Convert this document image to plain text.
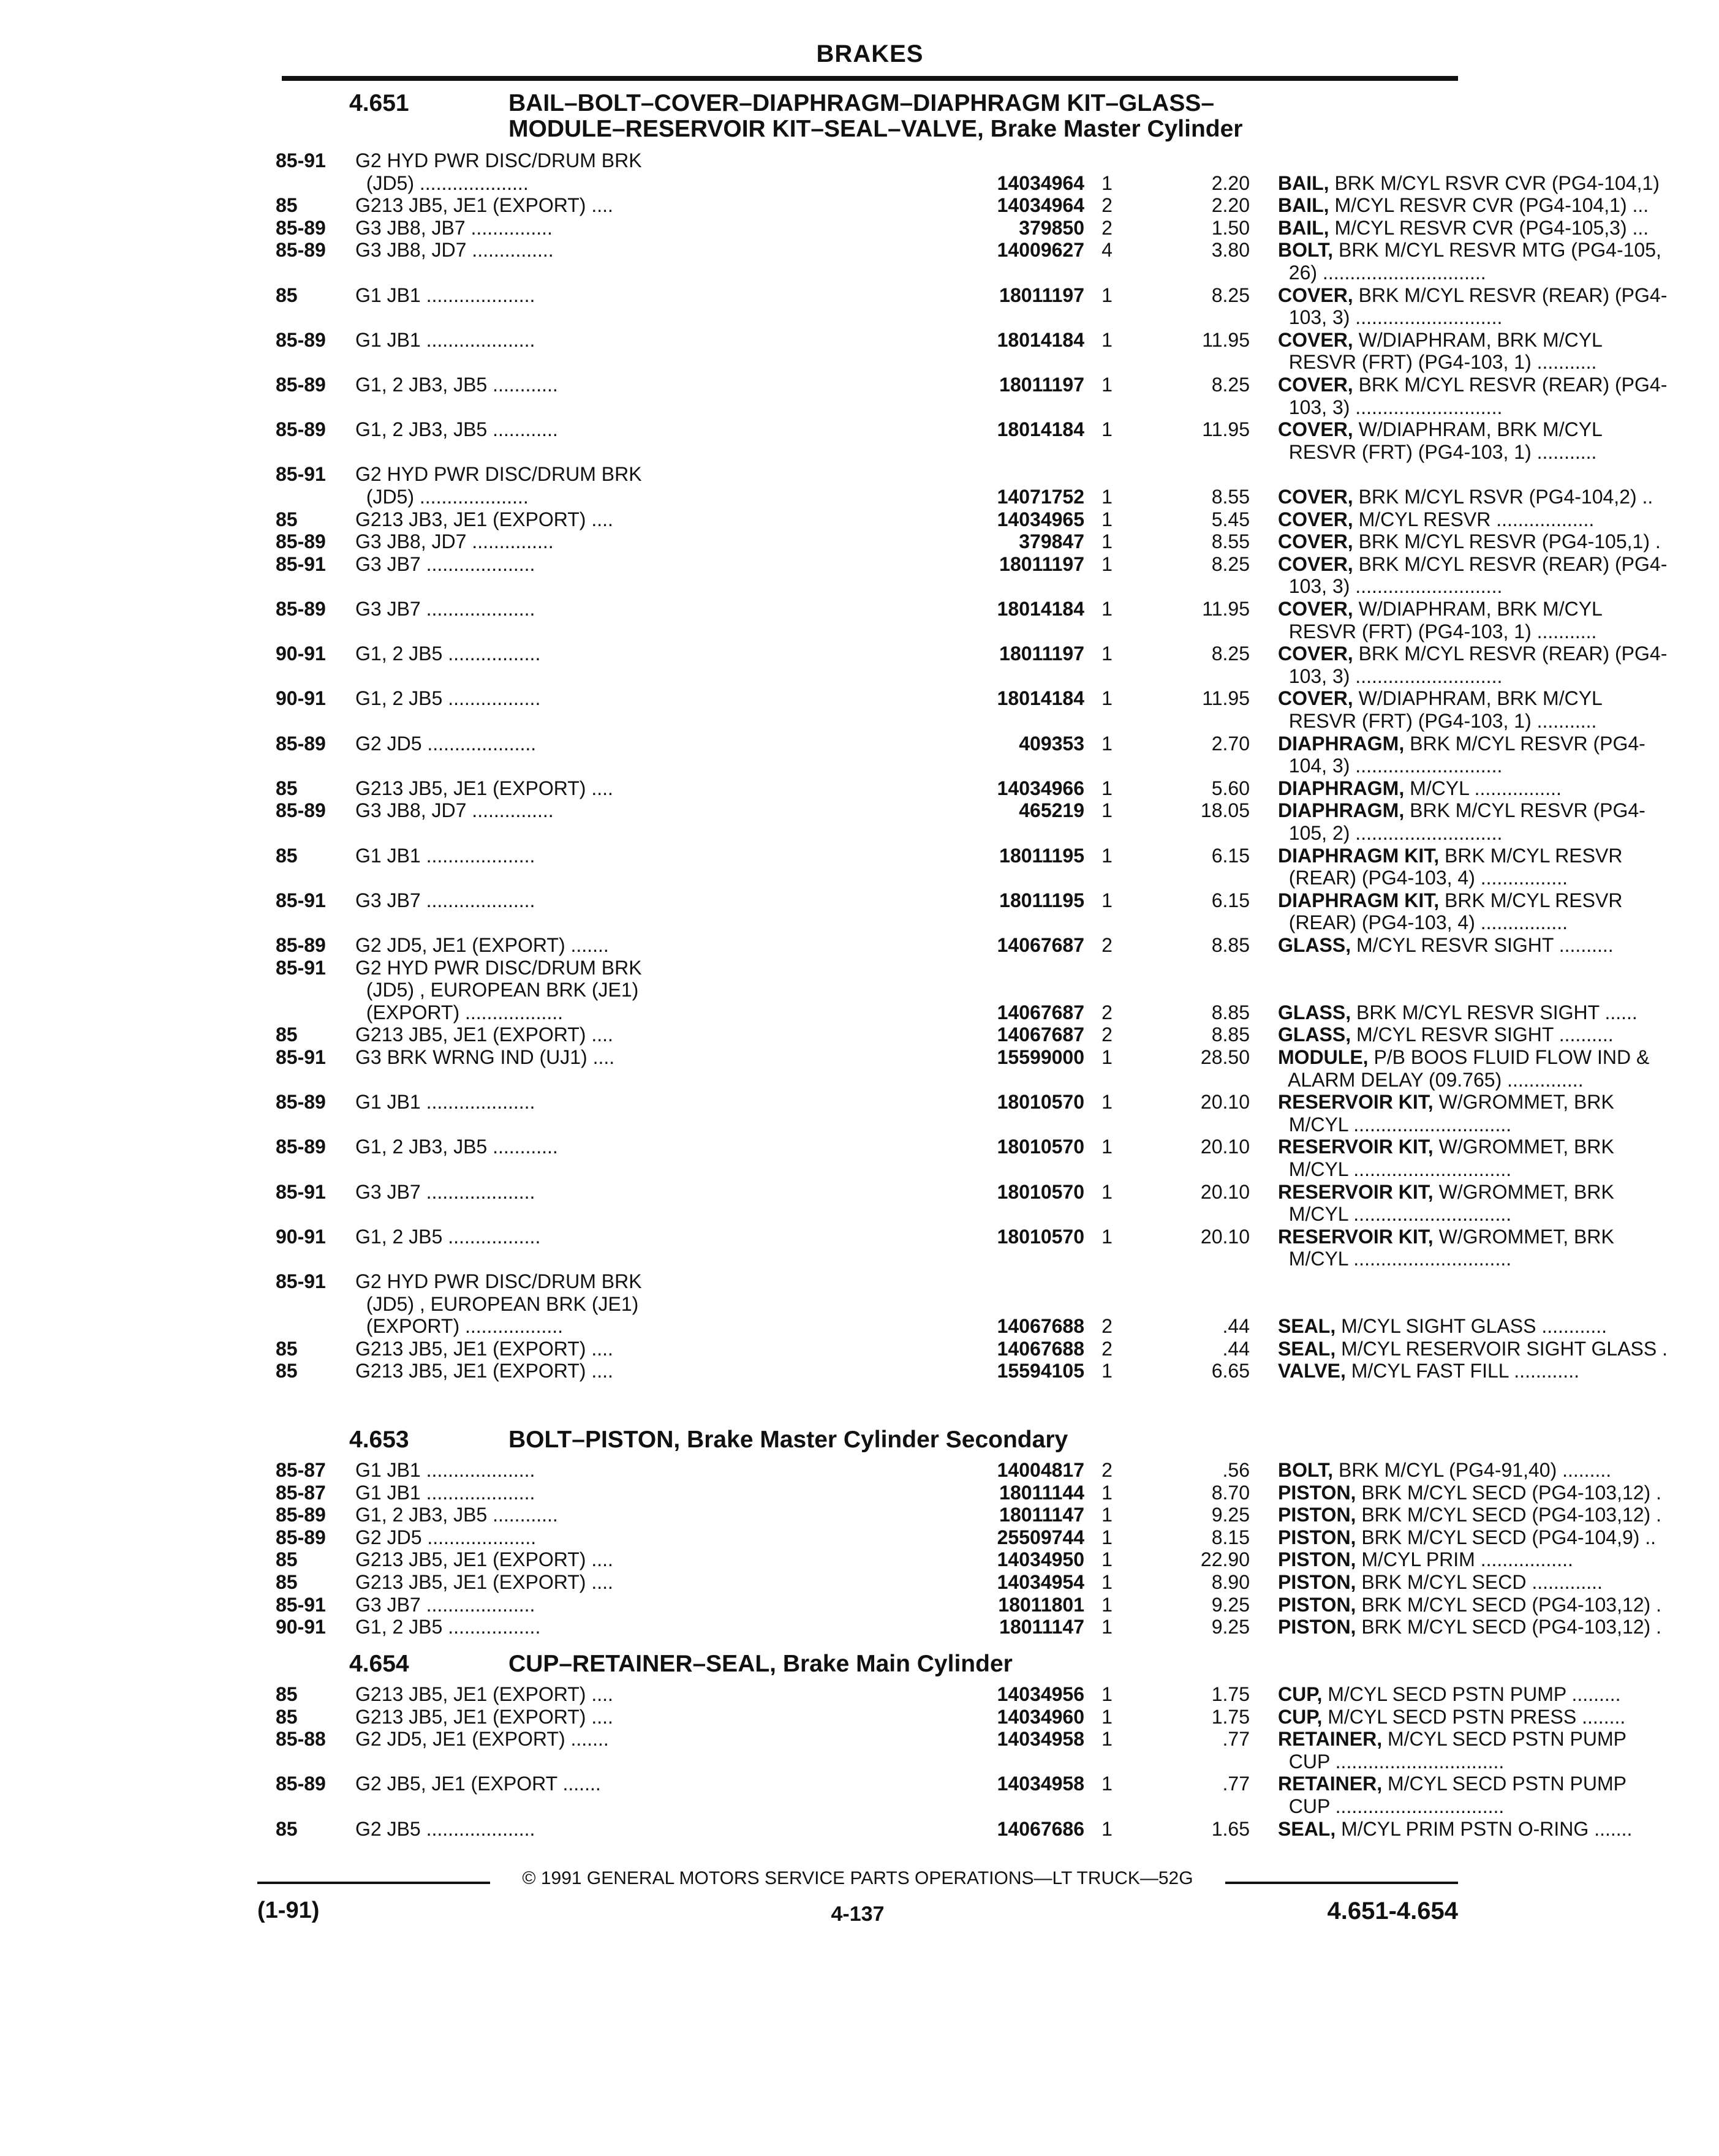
BRAKES
4.651	BAIL–BOLT–COVER–DIAPHRAGM–DIAPHRAGM KIT–GLASS–
MODULE–RESERVOIR KIT–SEAL–VALVE, Brake Master Cylinder
85-91 G2 HYD PWR DISC/DRUM BRK
(JD5) ....................	14034964 1	2.20 BAIL, BRK M/CYL RSVR CVR (PG4-104,1)
85	G213 JB5, JE1 (EXPORT) ....	14034964 2	2.20 BAIL, M/CYL RESVR CVR (PG4-104,1) ...
85-89 G3 JB8, JB7 ...............	379850 2	1.50 BAIL, M/CYL RESVR CVR (PG4-105,3) ...
85-89 G3 JB8, JD7 ...............	14009627 4	3.80 BOLT, BRK M/CYL RESVR MTG (PG4-105,
26) ..............................
85	G1 JB1 ....................	18011197 1	8.25 COVER, BRK M/CYL RESVR (REAR) (PG4-
103, 3) ...........................
85-89 G1 JB1 ....................	18014184 1	11.95 COVER, W/DIAPHRAM, BRK M/CYL
RESVR (FRT) (PG4-103, 1) ...........
85-89 G1, 2 JB3, JB5 ............	18011197 1	8.25 COVER, BRK M/CYL RESVR (REAR) (PG4-
103, 3) ...........................
85-89 G1, 2 JB3, JB5 ............	18014184 1	11.95 COVER, W/DIAPHRAM, BRK M/CYL
RESVR (FRT) (PG4-103, 1) ...........
85-91 G2 HYD PWR DISC/DRUM BRK
(JD5) ....................	14071752 1	8.55 COVER, BRK M/CYL RSVR (PG4-104,2) ..
85	G213 JB3, JE1 (EXPORT) ....	14034965 1	5.45 COVER, M/CYL RESVR ..................
85-89 G3 JB8, JD7 ...............	379847 1	8.55 COVER, BRK M/CYL RESVR (PG4-105,1) .
85-91 G3 JB7 ....................	18011197 1	8.25 COVER, BRK M/CYL RESVR (REAR) (PG4-
103, 3) ...........................
85-89 G3 JB7 ....................	18014184 1	11.95 COVER, W/DIAPHRAM, BRK M/CYL
RESVR (FRT) (PG4-103, 1) ...........
90-91 G1, 2 JB5 .................	18011197 1	8.25 COVER, BRK M/CYL RESVR (REAR) (PG4-
103, 3) ...........................
90-91 G1, 2 JB5 .................	18014184 1	11.95 COVER, W/DIAPHRAM, BRK M/CYL
RESVR (FRT) (PG4-103, 1) ...........
85-89 G2 JD5 ....................	409353 1	2.70 DIAPHRAGM, BRK M/CYL RESVR (PG4-
104, 3) ...........................
85	G213 JB5, JE1 (EXPORT) ....	14034966 1	5.60 DIAPHRAGM, M/CYL ................
85-89 G3 JB8, JD7 ...............	465219 1	18.05 DIAPHRAGM, BRK M/CYL RESVR (PG4-
105, 2) ...........................
85	G1 JB1 ....................	18011195 1	6.15 DIAPHRAGM KIT, BRK M/CYL RESVR
(REAR) (PG4-103, 4) ................
85-91 G3 JB7 ....................	18011195 1	6.15 DIAPHRAGM KIT, BRK M/CYL RESVR
(REAR) (PG4-103, 4) ................
85-89 G2 JD5, JE1 (EXPORT) .......	14067687 2	8.85 GLASS, M/CYL RESVR SIGHT ..........
85-91 G2 HYD PWR DISC/DRUM BRK
(JD5) , EUROPEAN BRK (JE1)
(EXPORT) ..................	14067687 2	8.85 GLASS, BRK M/CYL RESVR SIGHT ......
85	G213 JB5, JE1 (EXPORT) ....	14067687 2	8.85 GLASS, M/CYL RESVR SIGHT ..........
85-91 G3 BRK WRNG IND (UJ1) ....	15599000 1	28.50 MODULE, P/B BOOS FLUID FLOW IND &
ALARM DELAY (09.765) ..............
85-89 G1 JB1 ....................	18010570 1	20.10 RESERVOIR KIT, W/GROMMET, BRK
M/CYL .............................
85-89 G1, 2 JB3, JB5 ............	18010570 1	20.10 RESERVOIR KIT, W/GROMMET, BRK
M/CYL .............................
85-91 G3 JB7 ....................	18010570 1	20.10 RESERVOIR KIT, W/GROMMET, BRK
M/CYL .............................
90-91 G1, 2 JB5 .................	18010570 1	20.10 RESERVOIR KIT, W/GROMMET, BRK
M/CYL .............................
85-91 G2 HYD PWR DISC/DRUM BRK
(JD5) , EUROPEAN BRK (JE1)
(EXPORT) ..................	14067688 2	.44 SEAL, M/CYL SIGHT GLASS ............
85	G213 JB5, JE1 (EXPORT) ....	14067688 2	.44 SEAL, M/CYL RESERVOIR SIGHT GLASS .
85	G213 JB5, JE1 (EXPORT) ....	15594105 1	6.65 VALVE, M/CYL FAST FILL ............
4.653	BOLT–PISTON, Brake Master Cylinder Secondary
85-87 G1 JB1 ....................	14004817 2	.56 BOLT, BRK M/CYL (PG4-91,40) .........
85-87 G1 JB1 ....................	18011144 1	8.70 PISTON, BRK M/CYL SECD (PG4-103,12) .
85-89 G1, 2 JB3, JB5 ............	18011147 1	9.25 PISTON, BRK M/CYL SECD (PG4-103,12) .
85-89 G2 JD5 ....................	25509744 1	8.15 PISTON, BRK M/CYL SECD (PG4-104,9) ..
85	G213 JB5, JE1 (EXPORT) ....	14034950 1	22.90 PISTON, M/CYL PRIM .................
85	G213 JB5, JE1 (EXPORT) ....	14034954 1	8.90 PISTON, BRK M/CYL SECD .............
85-91 G3 JB7 ....................	18011801 1	9.25 PISTON, BRK M/CYL SECD (PG4-103,12) .
90-91 G1, 2 JB5 .................	18011147 1	9.25 PISTON, BRK M/CYL SECD (PG4-103,12) .
4.654	CUP–RETAINER–SEAL, Brake Main Cylinder
85	G213 JB5, JE1 (EXPORT) ....	14034956 1	1.75 CUP, M/CYL SECD PSTN PUMP .........
85	G213 JB5, JE1 (EXPORT) ....	14034960 1	1.75 CUP, M/CYL SECD PSTN PRESS ........
85-88 G2 JD5, JE1 (EXPORT) .......	14034958 1	.77 RETAINER, M/CYL SECD PSTN PUMP
CUP ...............................
85-89 G2 JB5, JE1 (EXPORT .......	14034958 1	.77 RETAINER, M/CYL SECD PSTN PUMP
CUP ...............................
85	G2 JB5 ....................	14067686 1	1.65 SEAL, M/CYL PRIM PSTN O-RING .......
© 1991 GENERAL MOTORS SERVICE PARTS OPERATIONS—LT TRUCK—52G
(1-91)	4-137	4.651-4.654
